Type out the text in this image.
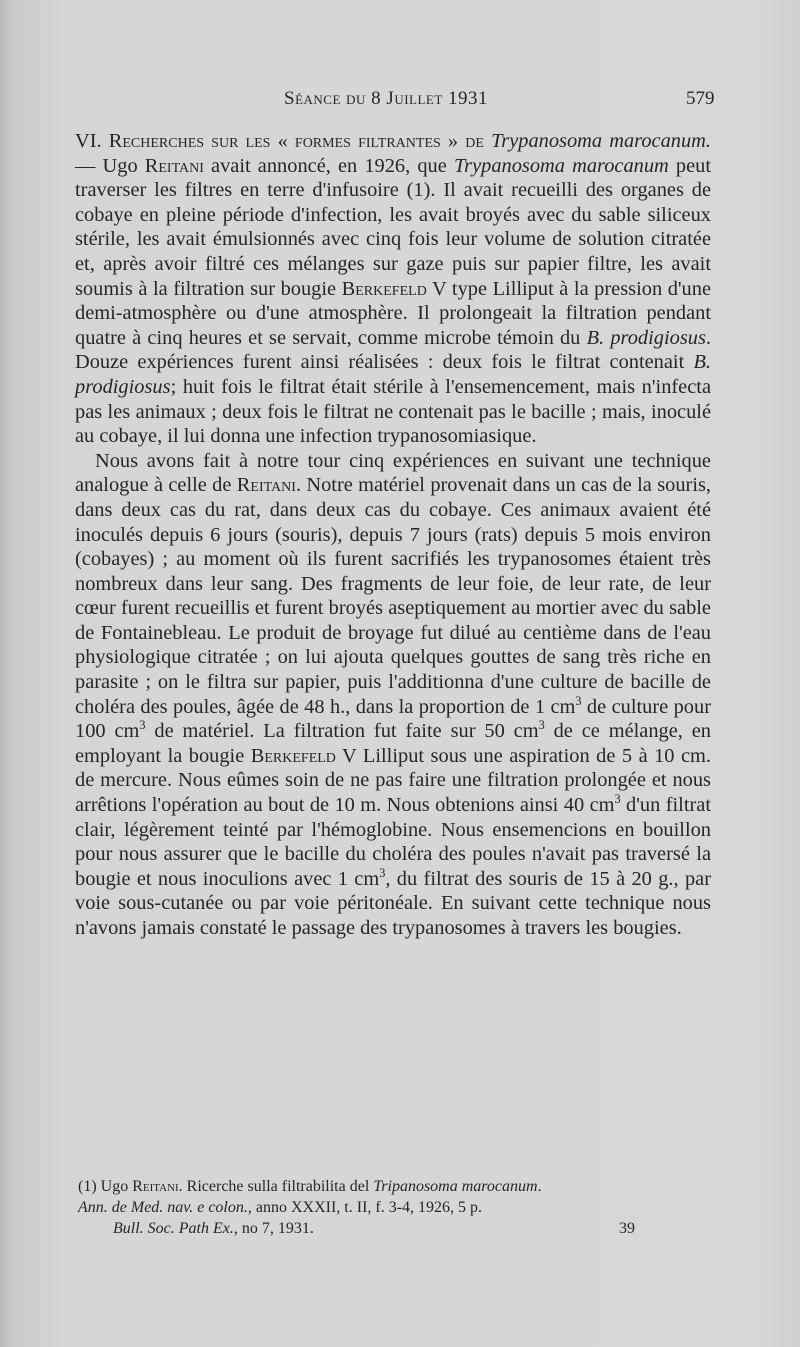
Séance du 8 Juillet 1931	579

VI. Recherches sur les « formes filtrantes » de Trypanosoma marocanum. — Ugo Reitani avait annoncé, en 1926, que Trypanosoma marocanum peut traverser les filtres en terre d'infusoire (1). Il avait recueilli des organes de cobaye en pleine période d'infection, les avait broyés avec du sable siliceux stérile, les avait émulsionnés avec cinq fois leur volume de solution citratée et, après avoir filtré ces mélanges sur gaze puis sur papier filtre, les avait soumis à la filtration sur bougie Berkefeld V type Lilliput à la pression d'une demi-atmosphère ou d'une atmosphère. Il prolongeait la filtration pendant quatre à cinq heures et se servait, comme microbe témoin du B. prodigiosus. Douze expériences furent ainsi réalisées : deux fois le filtrat contenait B. prodigiosus; huit fois le filtrat était stérile à l'ensemencement, mais n'infecta pas les animaux ; deux fois le filtrat ne contenait pas le bacille ; mais, inoculé au cobaye, il lui donna une infection trypanosomiasique.

Nous avons fait à notre tour cinq expériences en suivant une technique analogue à celle de Reitani. Notre matériel provenait dans un cas de la souris, dans deux cas du rat, dans deux cas du cobaye. Ces animaux avaient été inoculés depuis 6 jours (souris), depuis 7 jours (rats) depuis 5 mois environ (cobayes) ; au moment où ils furent sacrifiés les trypanosomes étaient très nombreux dans leur sang. Des fragments de leur foie, de leur rate, de leur cœur furent recueillis et furent broyés aseptiquement au mortier avec du sable de Fontainebleau. Le produit de broyage fut dilué au centième dans de l'eau physiologique citratée ; on lui ajouta quelques gouttes de sang très riche en parasite ; on le filtra sur papier, puis l'additionna d'une culture de bacille de choléra des poules, âgée de 48 h., dans la proportion de 1 $cm^3$ de culture pour 100 $cm^3$ de matériel. La filtration fut faite sur 50 $cm^3$ de ce mélange, en employant la bougie Berkefeld V Lilliput sous une aspiration de 5 à 10 cm. de mercure. Nous eûmes soin de ne pas faire une filtration prolongée et nous arrêtions l'opération au bout de 10 m. Nous obtenions ainsi 40 $cm^3$ d'un filtrat clair, légèrement teinté par l'hémoglobine. Nous ensemencions en bouillon pour nous assurer que le bacille du choléra des poules n'avait pas traversé la bougie et nous inoculions avec 1 $cm^3$, du filtrat des souris de 15 à 20 g., par voie sous-cutanée ou par voie péritonéale. En suivant cette technique nous n'avons jamais constaté le passage des trypanosomes à travers les bougies.

(1) Ugo Reitani. Ricerche sulla filtrabilita del Tripanosoma marocanum.
Ann. de Med. nav. e colon., anno XXXII, t. II, f. 3-4, 1926, 5 p.
Bull. Soc. Path Ex., no 7, 1931.	39
